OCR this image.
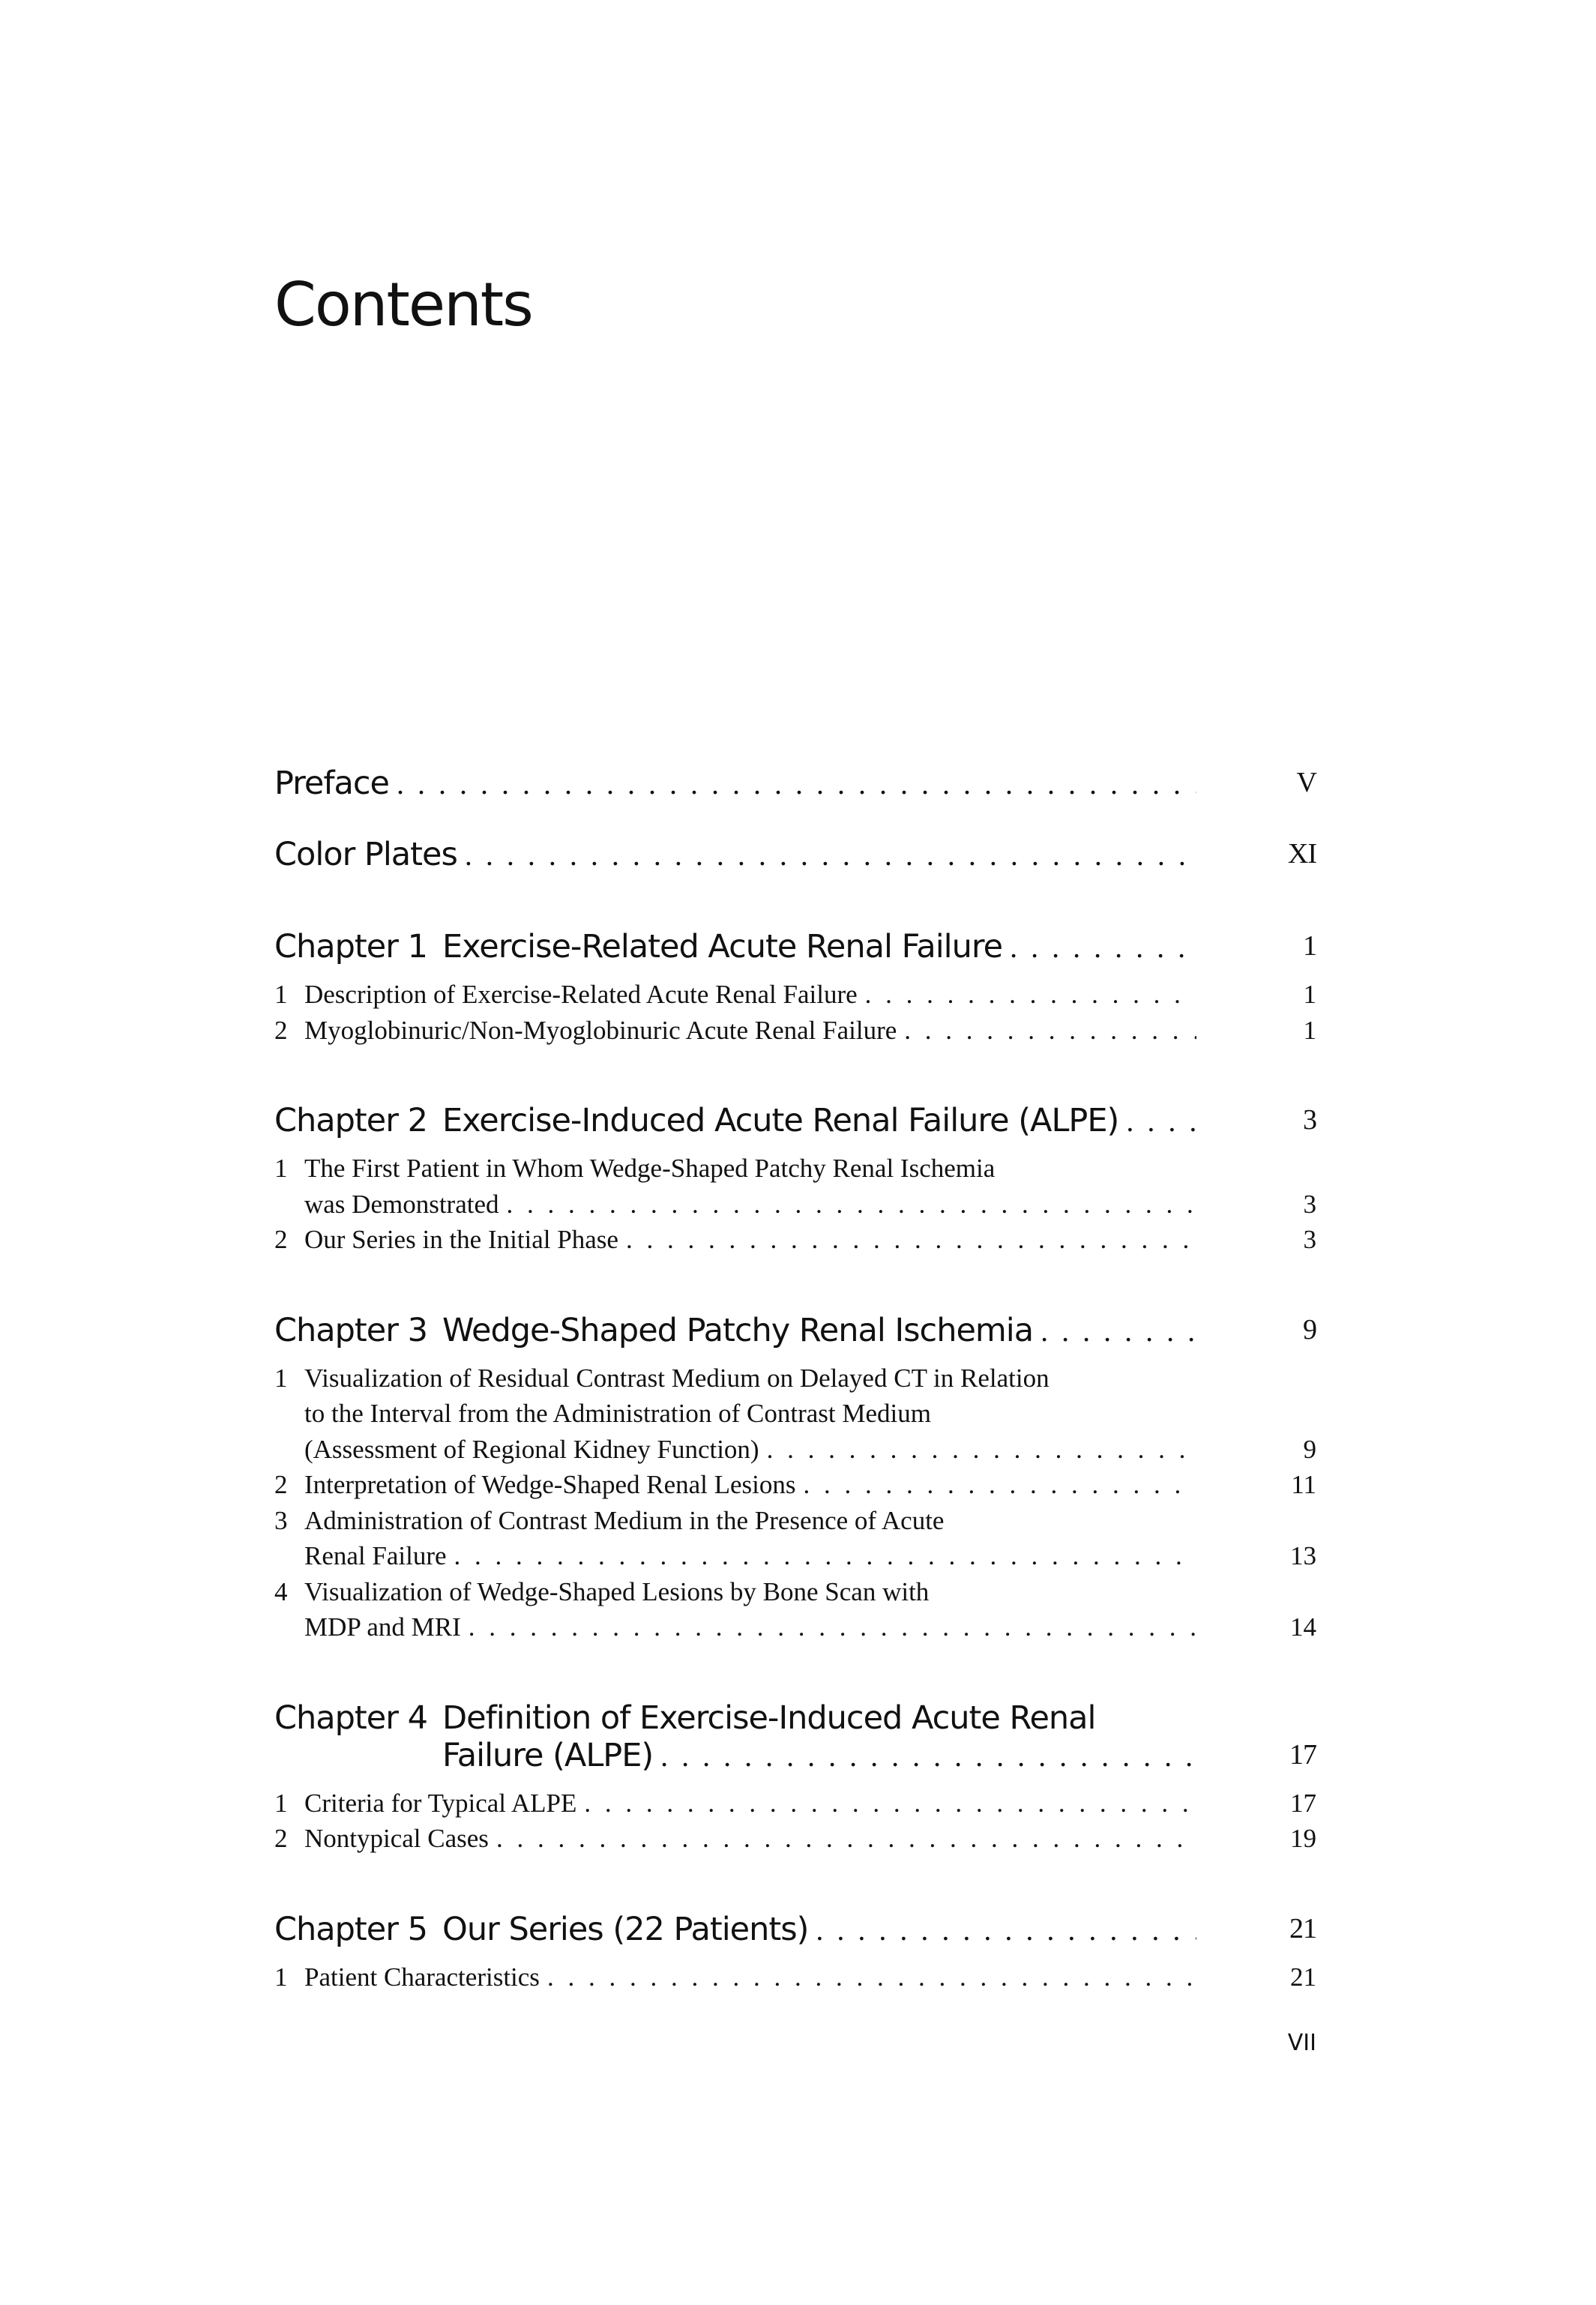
Contents
Preface . . .	V
Color Plates . . .	XI
Chapter 1 Exercise-Related Acute Renal Failure . . .	1
1 Description of Exercise-Related Acute Renal Failure . . .	1
2 Myoglobinuric/Non-Myoglobinuric Acute Renal Failure . . .	1
Chapter 2 Exercise-Induced Acute Renal Failure (ALPE) . . .	3
1 The First Patient in Whom Wedge-Shaped Patchy Renal Ischemia
was Demonstrated . . .	3
2 Our Series in the Initial Phase . . .	3
Chapter 3 Wedge-Shaped Patchy Renal Ischemia . . .	9
1 Visualization of Residual Contrast Medium on Delayed CT in Relation
to the Interval from the Administration of Contrast Medium
(Assessment of Regional Kidney Function) . . .	9
2 Interpretation of Wedge-Shaped Renal Lesions . . .	11
3 Administration of Contrast Medium in the Presence of Acute
Renal Failure . . .	13
4 Visualization of Wedge-Shaped Lesions by Bone Scan with
MDP and MRI . . .	14
Chapter 4 Definition of Exercise-Induced Acute Renal
Failure (ALPE) . . .	17
1 Criteria for Typical ALPE . . .	17
2 Nontypical Cases . . .	19
Chapter 5 Our Series (22 Patients) . . .	21
1 Patient Characteristics . . .	21
VII
